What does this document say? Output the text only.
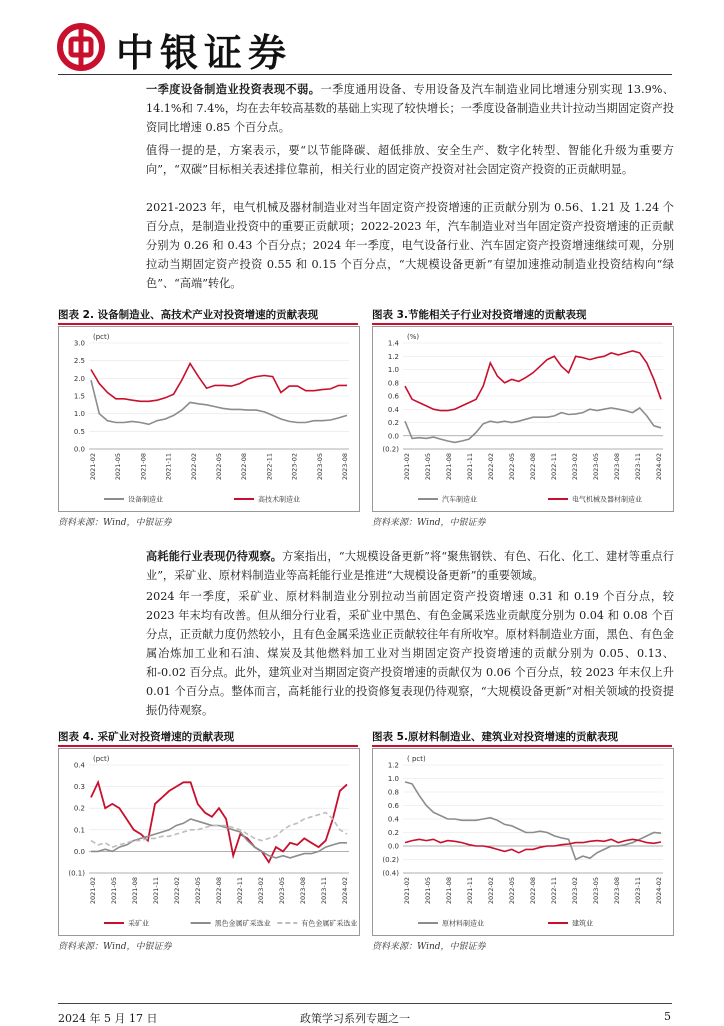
中银证券
一季度设备制造业投资表现不弱。一季度通用设备、专用设备及汽车制造业同比增速分别实现 13.9%、14.1%和 7.4%，均在去年较高基数的基础上实现了较快增长；一季度设备制造业共计拉动当期固定资产投资同比增速 0.85 个百分点。
值得一提的是，方案表示，要“以节能降碳、超低排放、安全生产、数字化转型、智能化升级为重要方向”，“双碳”目标相关表述排位靠前，相关行业的固定资产投资对社会固定资产投资的正贡献明显。
2021-2023 年，电气机械及器材制造业对当年固定资产投资增速的正贡献分别为 0.56、1.21 及 1.24 个百分点，是制造业投资中的重要正贡献项；2022-2023 年，汽车制造业对当年固定资产投资增速的正贡献分别为 0.26 和 0.43 个百分点；2024 年一季度，电气设备行业、汽车固定资产投资增速继续可观，分别拉动当期固定资产投资 0.55 和 0.15 个百分点，“大规模设备更新”有望加速推动制造业投资结构向“绿色”、“高端”转化。
图表 2. 设备制造业、高技术产业对投资增速的贡献表现	图表 3.节能相关子行业对投资增速的贡献表现
(pct)
3.0
2.5
2.0
1.5
1.0
0.5
0.0
2021-02	2021-05	2021-08	2021-11	2022-02	2022-05	2022-08	2022-11	2023-02	2023-05	2023-08
设备制造业	高技术制造业
(%)
1.4
1.2
1.0
0.8
0.6
0.4
0.2
0.0
(0.2)
2021-02 2021-05 2021-08 2021-11 2022-02 2022-05 2022-08 2022-11 2023-02 2023-05 2023-08 2023-11 2024-02
汽车制造业	电气机械及器材制造业
资料来源：Wind，中银证券	资料来源：Wind，中银证券
高耗能行业表现仍待观察。方案指出，“大规模设备更新”将“聚焦钢铁、有色、石化、化工、建材等重点行业”，采矿业、原材料制造业等高耗能行业是推进“大规模设备更新”的重要领域。
2024 年一季度，采矿业、原材料制造业分别拉动当前固定资产投资增速 0.31 和 0.19 个百分点，较 2023 年末均有改善。但从细分行业看，采矿业中黑色、有色金属采选业贡献度分别为 0.04 和 0.08 个百分点，正贡献力度仍然较小，且有色金属采选业正贡献较往年有所收窄。原材料制造业方面，黑色、有色金属冶炼加工业和石油、煤炭及其他燃料加工业对当期固定资产投资增速的贡献分别为 0.05、0.13、和-0.02 百分点。此外，建筑业对当期固定资产投资增速的贡献仅为 0.06 个百分点，较 2023 年末仅上升 0.01 个百分点。整体而言，高耗能行业的投资修复表现仍待观察，“大规模设备更新”对相关领域的投资提振仍待观察。
图表 4. 采矿业对投资增速的贡献表现	图表 5.原材料制造业、建筑业对投资增速的贡献表现
(pct)
0.4
0.3
0.2
0.1
0.0
(0.1)
2021-02 2021-05 2021-08 2021-11 2022-02 2022-05 2022-08 2022-11 2023-02 2023-05 2023-08 2023-11 2024-02
采矿业	黑色金属矿采选业	有色金属矿采选业
( pct)
1.2
1.0
0.8
0.6
0.4
0.2
0.0
(0.2)
(0.4)
2021-02 2021-05 2021-08 2021-11 2022-02 2022-05 2022-08 2022-11 2023-02 2023-05 2023-08 2023-11 2024-02
原材料制造业	建筑业
资料来源：Wind，中银证券	资料来源：Wind，中银证券
2024 年 5 月 17 日	政策学习系列专题之一	5
